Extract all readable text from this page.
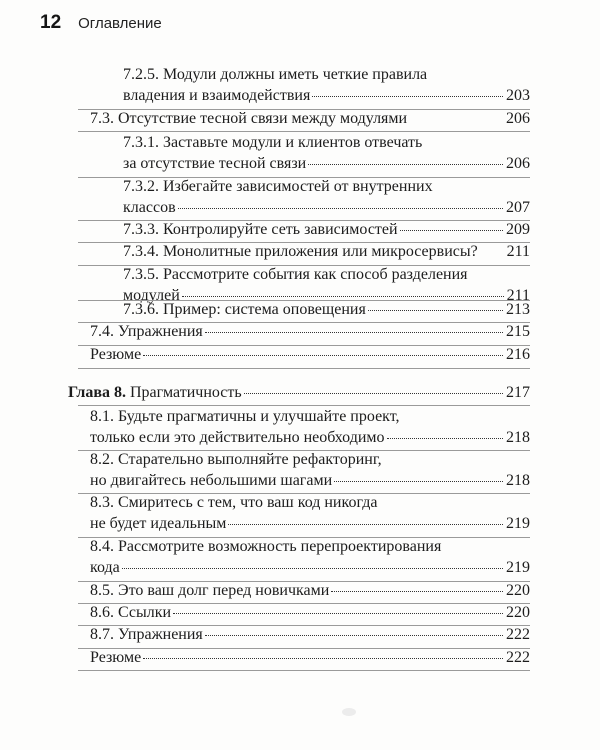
12 Оглавление
7.2.5. Модули должны иметь четкие правила
владения и взаимодействия	203
7.3. Отсутствие тесной связи между модулями	206
7.3.1. Заставьте модули и клиентов отвечать
за отсутствие тесной связи	206
7.3.2. Избегайте зависимостей от внутренних
классов	207
7.3.3. Контролируйте сеть зависимостей	209
7.3.4. Монолитные приложения или микросервисы? 211
7.3.5. Рассмотрите события как способ разделения
модулей	211
7.3.6. Пример: система оповещения	213
7.4. Упражнения	215
Резюме	216
Глава 8. Прагматичность	217
8.1. Будьте прагматичны и улучшайте проект,
только если это действительно необходимо	218
8.2. Старательно выполняйте рефакторинг,
но двигайтесь небольшими шагами	218
8.3. Смиритесь с тем, что ваш код никогда
не будет идеальным	219
8.4. Рассмотрите возможность перепроектирования
кода	219
8.5. Это ваш долг перед новичками	220
8.6. Ссылки	220
8.7. Упражнения	222
Резюме	222
